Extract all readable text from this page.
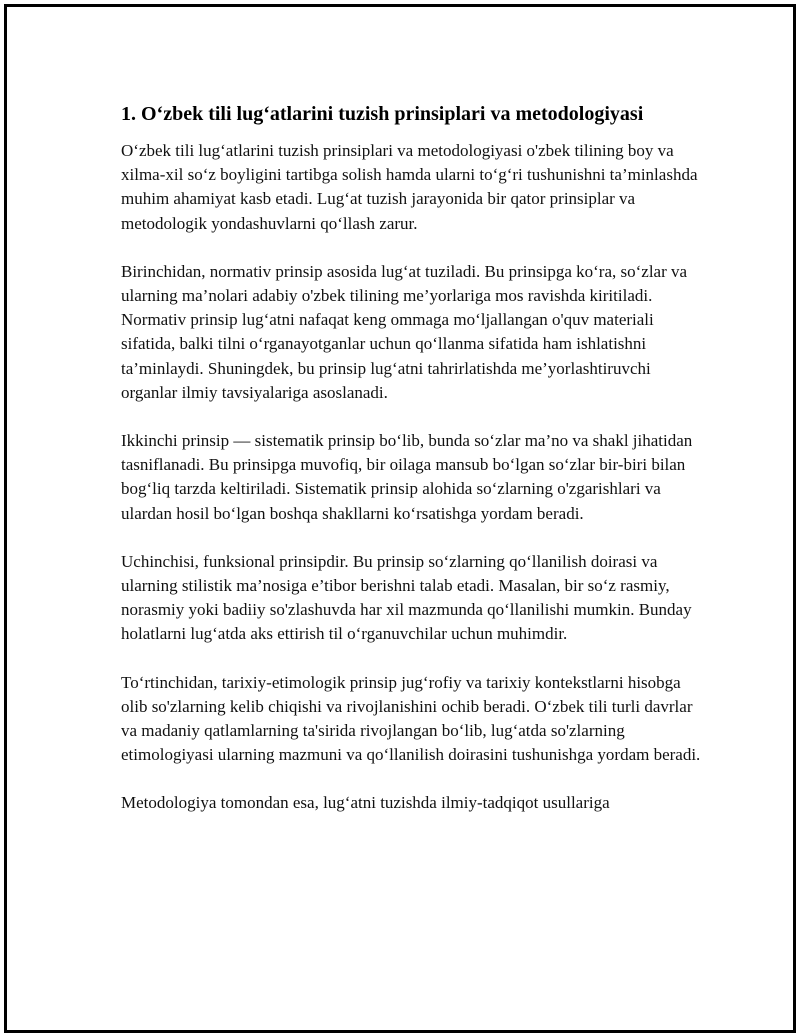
1. O‘zbek tili lug‘atlarini tuzish prinsiplari va metodologiyasi

O‘zbek tili lug‘atlarini tuzish prinsiplari va metodologiyasi o'zbek tilining boy va xilma-xil so‘z boyligini tartibga solish hamda ularni to‘g‘ri tushunishni ta’minlashda muhim ahamiyat kasb etadi. Lug‘at tuzish jarayonida bir qator prinsiplar va metodologik yondashuvlarni qo‘llash zarur.

Birinchidan, normativ prinsip asosida lug‘at tuziladi. Bu prinsipga ko‘ra, so‘zlar va ularning ma’nolari adabiy o'zbek tilining me’yorlariga mos ravishda kiritiladi. Normativ prinsip lug‘atni nafaqat keng ommaga mo‘ljallangan o'quv materiali sifatida, balki tilni o‘rganayotganlar uchun qo‘llanma sifatida ham ishlatishni ta’minlaydi. Shuningdek, bu prinsip lug‘atni tahrirlatishda me’yorlashtiruvchi organlar ilmiy tavsiyalariga asoslanadi.

Ikkinchi prinsip — sistematik prinsip bo‘lib, bunda so‘zlar ma’no va shakl jihatidan tasniflanadi. Bu prinsipga muvofiq, bir oilaga mansub bo‘lgan so‘zlar bir-biri bilan bog‘liq tarzda keltiriladi. Sistematik prinsip alohida so‘zlarning o'zgarishlari va ulardan hosil bo‘lgan boshqa shakllarni ko‘rsatishga yordam beradi.

Uchinchisi, funksional prinsipdir. Bu prinsip so‘zlarning qo‘llanilish doirasi va ularning stilistik ma’nosiga e’tibor berishni talab etadi. Masalan, bir so‘z rasmiy, norasmiy yoki badiiy so'zlashuvda har xil mazmunda qo‘llanilishi mumkin. Bunday holatlarni lug‘atda aks ettirish til o‘rganuvchilar uchun muhimdir.

To‘rtinchidan, tarixiy-etimologik prinsip jug‘rofiy va tarixiy kontekstlarni hisobga olib so'zlarning kelib chiqishi va rivojlanishini ochib beradi. O‘zbek tili turli davrlar va madaniy qatlamlarning ta'sirida rivojlangan bo‘lib, lug‘atda so'zlarning etimologiyasi ularning mazmuni va qo‘llanilish doirasini tushunishga yordam beradi.

Metodologiya tomondan esa, lug‘atni tuzishda ilmiy-tadqiqot usullariga
